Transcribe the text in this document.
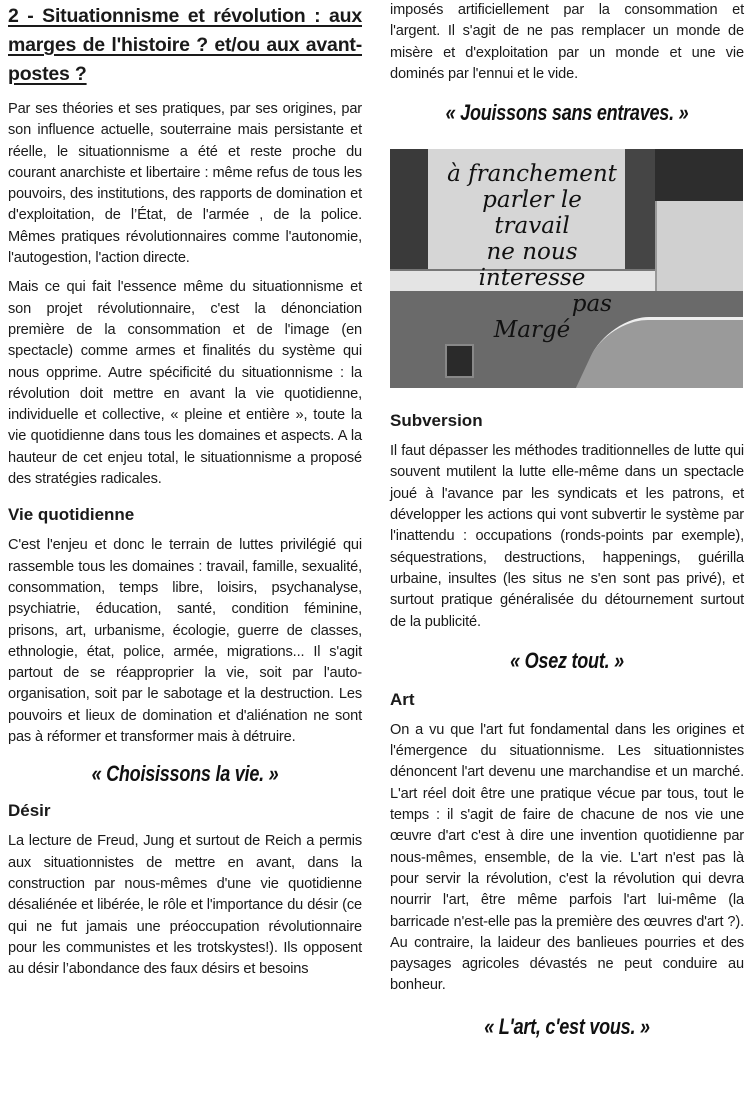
2 - Situationnisme et révolution : aux marges de l'histoire ? et/ou aux avant-postes ?

Par ses théories et ses pratiques, par ses origines, par son influence actuelle, souterraine mais persistante et réelle, le situationnisme a été et reste proche du courant anarchiste et libertaire : même refus de tous les pouvoirs, des institutions, des rapports de domination et d'exploitation, de l’État, de l'armée , de la police. Mêmes pratiques révolutionnaires comme l'autonomie, l'autogestion, l'action directe.

Mais ce qui fait l'essence même du situationnisme et son projet révolutionnaire, c'est la dénonciation première de la consommation et de l'image (en spectacle) comme armes et finalités du système qui nous opprime. Autre spécificité du situationnisme : la révolution doit mettre en avant la vie quotidienne, individuelle et collective, « pleine et entière », toute la vie quotidienne dans tous les domaines et aspects. A la hauteur de cet enjeu total, le situationnisme a proposé des stratégies radicales.

Vie quotidienne

C'est l'enjeu et donc le terrain de luttes privilégié qui rassemble tous les domaines : travail, famille, sexualité, consommation, temps libre, loisirs, psychanalyse, psychiatrie, éducation, santé, condition féminine, prisons, art, urbanisme, écologie, guerre de classes, ethnologie, état, police, armée, migrations... Il s'agit partout de se réapproprier la vie, soit par l'auto-organisation, soit par le sabotage et la destruction. Les pouvoirs et lieux de domination et d'aliénation ne sont pas à réformer et transformer mais à détruire.

« Choisissons la vie. »
Désir

La lecture de Freud, Jung et surtout de Reich a permis aux situationnistes de mettre en avant, dans la construction par nous-mêmes d'une vie quotidienne désaliénée et libérée, le rôle et l'importance du désir (ce qui ne fut jamais une préoccupation révolutionnaire pour les communistes et les trotskystes!). Ils opposent au désir l’abondance des faux désirs et besoins

imposés artificiellement par la consommation et l'argent. Il s'agit de ne pas remplacer un monde de misère et d'exploitation par un monde et une vie dominés par l'ennui et le vide.

« Jouissons sans entraves. »
à franchement
parler le travail
ne nous interesse
pas
Margé
Subversion

Il faut dépasser les méthodes traditionnelles de lutte qui souvent mutilent la lutte elle-même dans un spectacle joué à l'avance par les syndicats et les patrons, et développer les actions qui vont subvertir le système par l'inattendu : occupations (ronds-points par exemple), séquestrations, destructions, happenings, guérilla urbaine, insultes (les situs ne s'en sont pas privé), et surtout pratique généralisée du détournement surtout de la publicité.

« Osez tout. »
Art

On a vu que l'art fut fondamental dans les origines et l'émergence du situationnisme. Les situationnistes dénoncent l'art devenu une marchandise et un marché. L'art réel doit être une pratique vécue par tous, tout le temps : il s'agit de faire de chacune de nos vie une œuvre d'art c'est à dire une invention quotidienne par nous-mêmes, ensemble, de la vie. L'art n'est pas là pour servir la révolution, c'est la révolution qui devra nourrir l'art, être même parfois l'art lui-même (la barricade n'est-elle pas la première des œuvres d'art ?). Au contraire, la laideur des banlieues pourries et des paysages agricoles dévastés ne peut conduire au bonheur.

« L'art, c'est vous. »
